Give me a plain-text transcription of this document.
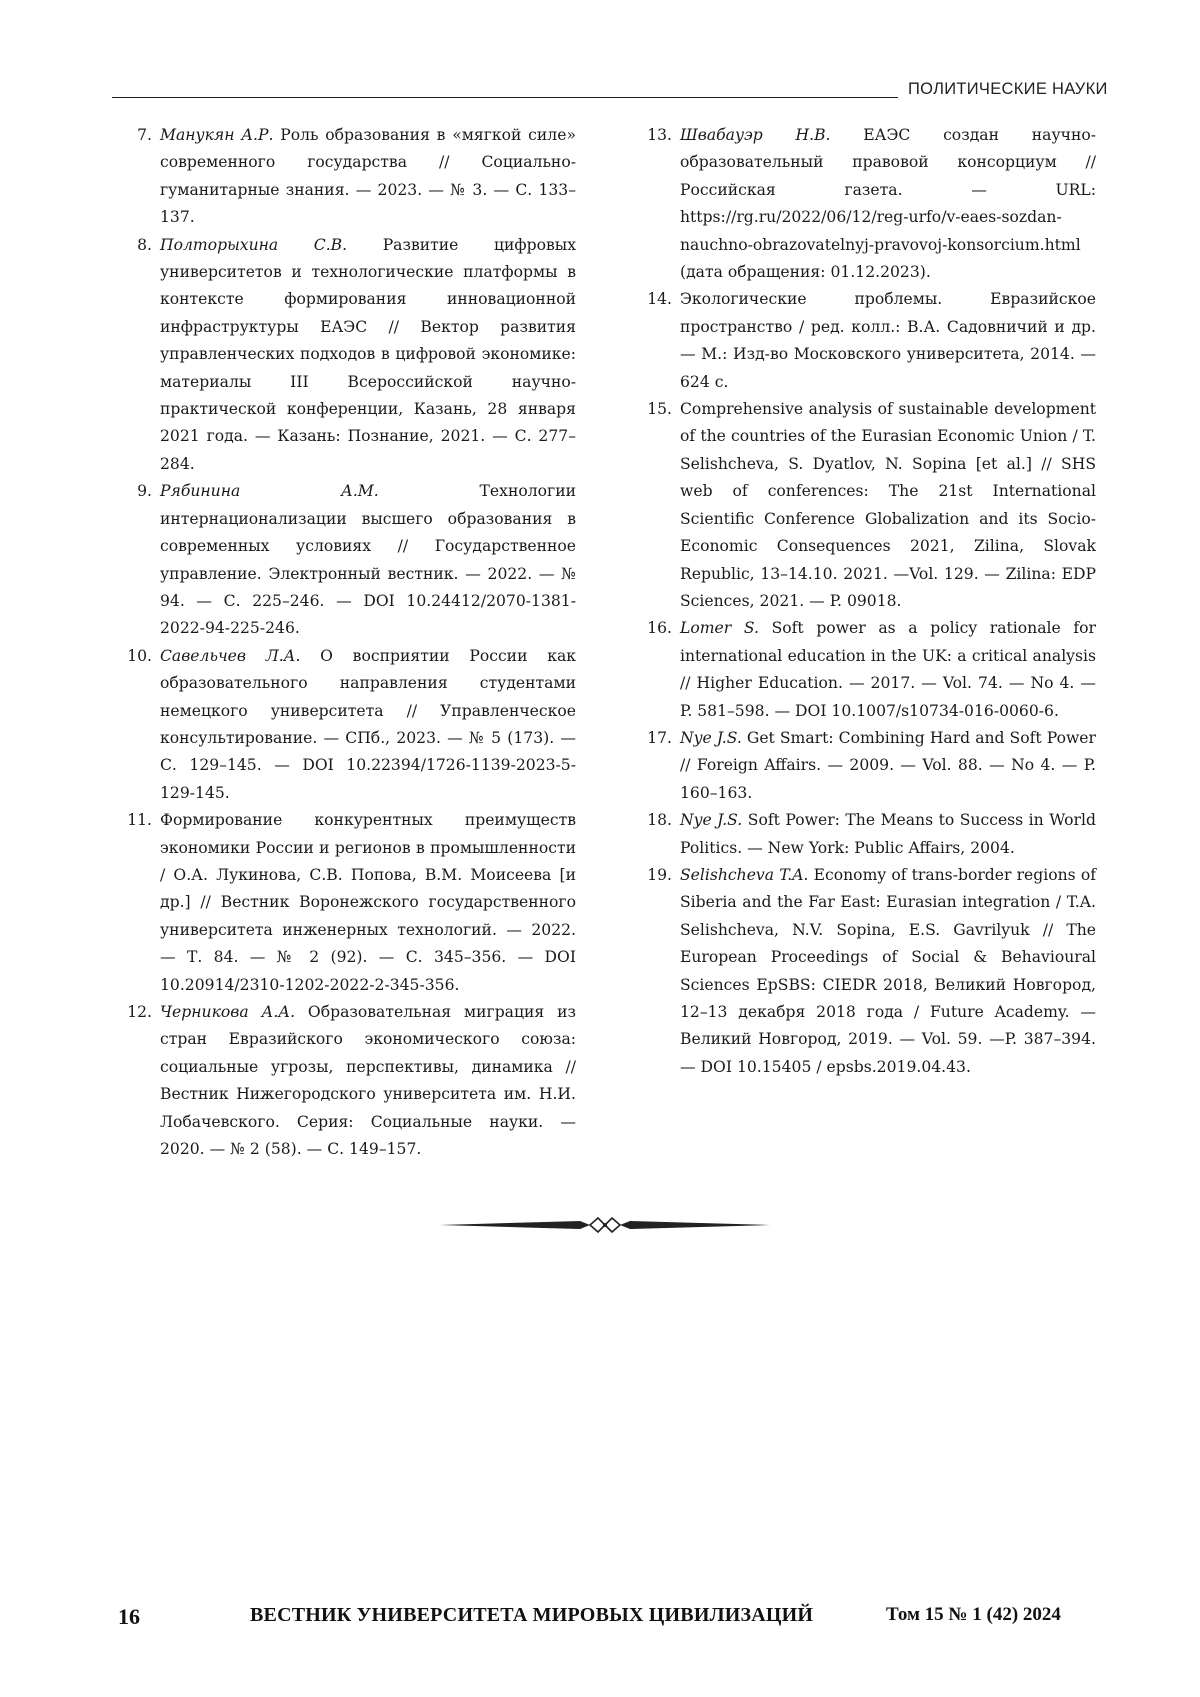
ПОЛИТИЧЕСКИЕ НАУКИ
7. Манукян А.Р. Роль образования в «мягкой силе» современного государства // Социально-гуманитарные знания. — 2023. — № 3. — С. 133–137.
8. Полторыхина С.В. Развитие цифровых университетов и технологические платформы в контексте формирования инновационной инфраструктуры ЕАЭС // Вектор развития управленческих подходов в цифровой экономике: материалы III Всероссийской научно-практической конференции, Казань, 28 января 2021 года. — Казань: Познание, 2021. — С. 277–284.
9. Рябинина А.М. Технологии интернационализации высшего образования в современных условиях // Государственное управление. Электронный вестник. — 2022. — № 94. — С. 225–246. — DOI 10.24412/2070-1381-2022-94-225-246.
10. Савельчев Л.А. О восприятии России как образовательного направления студентами немецкого университета // Управленческое консультирование. — СПб., 2023. — № 5 (173). — С. 129–145. — DOI 10.22394/1726-1139-2023-5-129-145.
11. Формирование конкурентных преимуществ экономики России и регионов в промышленности / О.А. Лукинова, С.В. Попова, В.М. Моисеева [и др.] // Вестник Воронежского государственного университета инженерных технологий. — 2022. — Т. 84. — № 2 (92). — С. 345–356. — DOI 10.20914/2310-1202-2022-2-345-356.
12. Черникова А.А. Образовательная миграция из стран Евразийского экономического союза: социальные угрозы, перспективы, динамика // Вестник Нижегородского университета им. Н.И. Лобачевского. Серия: Социальные науки. — 2020. — № 2 (58). — С. 149–157.
13. Швабауэр Н.В. ЕАЭС создан научно-образовательный правовой консорциум // Российская газета. — URL: https://rg.ru/2022/06/12/reg-urfo/v-eaes-sozdan-nauchno-obrazovatelnyj-pravovoj-konsorcium.html (дата обращения: 01.12.2023).
14. Экологические проблемы. Евразийское пространство / ред. колл.: В.А. Садовничий и др. — М.: Изд-во Московского университета, 2014. — 624 с.
15. Comprehensive analysis of sustainable development of the countries of the Eurasian Economic Union / T. Selishcheva, S. Dyatlov, N. Sopina [et al.] // SHS web of conferences: The 21st International Scientific Conference Globalization and its Socio-Economic Consequences 2021, Zilina, Slovak Republic, 13–14.10. 2021. —Vol. 129. — Zilina: EDP Sciences, 2021. — P. 09018.
16. Lomer S. Soft power as a policy rationale for international education in the UK: a critical analysis // Higher Education. — 2017. — Vol. 74. — No 4. — P. 581–598. — DOI 10.1007/s10734-016-0060-6.
17. Nye J.S. Get Smart: Combining Hard and Soft Power // Foreign Affairs. — 2009. — Vol. 88. — No 4. — P. 160–163.
18. Nye J.S. Soft Power: The Means to Success in World Politics. — New York: Public Affairs, 2004.
19. Selishcheva T.A. Economy of trans-border regions of Siberia and the Far East: Eurasian integration / T.A. Selishcheva, N.V. Sopina, E.S. Gavrilyuk // The European Proceedings of Social & Behavioural Sciences EpSBS: CIEDR 2018, Великий Новгород, 12–13 декабря 2018 года / Future Academy. — Великий Новгород, 2019. — Vol. 59. —P. 387–394. — DOI 10.15405 / epsbs.2019.04.43.
16	ВЕСТНИК УНИВЕРСИТЕТА МИРОВЫХ ЦИВИЛИЗАЦИЙ	Том 15 № 1 (42) 2024
